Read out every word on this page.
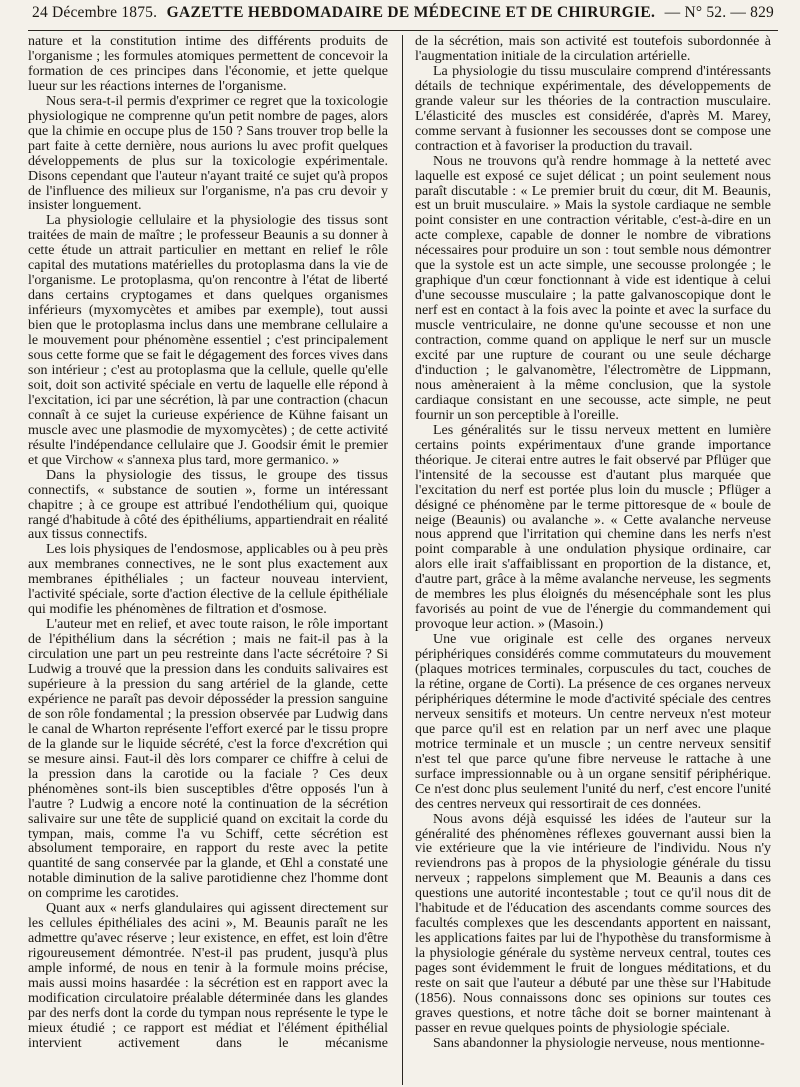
24 Décembre 1875. GAZETTE HEBDOMADAIRE DE MÉDECINE ET DE CHIRURGIE. — N° 52. — 829

nature et la constitution intime des différents produits de l'organisme ; les formules atomiques permettent de concevoir la formation de ces principes dans l'économie, et jette quelque lueur sur les réactions internes de l'organisme.

Nous sera-t-il permis d'exprimer ce regret que la toxicologie physiologique ne comprenne qu'un petit nombre de pages, alors que la chimie en occupe plus de 150 ? Sans trouver trop belle la part faite à cette dernière, nous aurions lu avec profit quelques développements de plus sur la toxicologie expérimentale. Disons cependant que l'auteur n'ayant traité ce sujet qu'à propos de l'influence des milieux sur l'organisme, n'a pas cru devoir y insister longuement.

La physiologie cellulaire et la physiologie des tissus sont traitées de main de maître ; le professeur Beaunis a su donner à cette étude un attrait particulier en mettant en relief le rôle capital des mutations matérielles du protoplasma dans la vie de l'organisme. Le protoplasma, qu'on rencontre à l'état de liberté dans certains cryptogames et dans quelques organismes inférieurs (myxomycètes et amibes par exemple), tout aussi bien que le protoplasma inclus dans une membrane cellulaire a le mouvement pour phénomène essentiel ; c'est principalement sous cette forme que se fait le dégagement des forces vives dans son intérieur ; c'est au protoplasma que la cellule, quelle qu'elle soit, doit son activité spéciale en vertu de laquelle elle répond à l'excitation, ici par une sécrétion, là par une contraction (chacun connaît à ce sujet la curieuse expérience de Kühne faisant un muscle avec une plasmodie de myxomycètes) ; de cette activité résulte l'indépendance cellulaire que J. Goodsir émit le premier et que Virchow « s'annexa plus tard, more germanico. »

Dans la physiologie des tissus, le groupe des tissus connectifs, « substance de soutien », forme un intéressant chapitre ; à ce groupe est attribué l'endothélium qui, quoique rangé d'habitude à côté des épithéliums, appartiendrait en réalité aux tissus connectifs.

Les lois physiques de l'endosmose, applicables ou à peu près aux membranes connectives, ne le sont plus exactement aux membranes épithéliales ; un facteur nouveau intervient, l'activité spéciale, sorte d'action élective de la cellule épithéliale qui modifie les phénomènes de filtration et d'osmose.

L'auteur met en relief, et avec toute raison, le rôle important de l'épithélium dans la sécrétion ; mais ne fait-il pas à la circulation une part un peu restreinte dans l'acte sécrétoire ? Si Ludwig a trouvé que la pression dans les conduits salivaires est supérieure à la pression du sang artériel de la glande, cette expérience ne paraît pas devoir déposséder la pression sanguine de son rôle fondamental ; la pression observée par Ludwig dans le canal de Wharton représente l'effort exercé par le tissu propre de la glande sur le liquide sécrété, c'est la force d'excrétion qui se mesure ainsi. Faut-il dès lors comparer ce chiffre à celui de la pression dans la carotide ou la faciale ? Ces deux phénomènes sont-ils bien susceptibles d'être opposés l'un à l'autre ? Ludwig a encore noté la continuation de la sécrétion salivaire sur une tête de supplicié quand on excitait la corde du tympan, mais, comme l'a vu Schiff, cette sécrétion est absolument temporaire, en rapport du reste avec la petite quantité de sang conservée par la glande, et Œhl a constaté une notable diminution de la salive parotidienne chez l'homme dont on comprime les carotides.

Quant aux « nerfs glandulaires qui agissent directement sur les cellules épithéliales des acini », M. Beaunis paraît ne les admettre qu'avec réserve ; leur existence, en effet, est loin d'être rigoureusement démontrée. N'est-il pas prudent, jusqu'à plus ample informé, de nous en tenir à la formule moins précise, mais aussi moins hasardée : la sécrétion est en rapport avec la modification circulatoire préalable déterminée dans les glandes par des nerfs dont la corde du tympan nous représente le type le mieux étudié ; ce rapport est médiat et l'élément épithélial intervient activement dans le mécanisme

de la sécrétion, mais son activité est toutefois subordonnée à l'augmentation initiale de la circulation artérielle.

La physiologie du tissu musculaire comprend d'intéressants détails de technique expérimentale, des développements de grande valeur sur les théories de la contraction musculaire. L'élasticité des muscles est considérée, d'après M. Marey, comme servant à fusionner les secousses dont se compose une contraction et à favoriser la production du travail.

Nous ne trouvons qu'à rendre hommage à la netteté avec laquelle est exposé ce sujet délicat ; un point seulement nous paraît discutable : « Le premier bruit du cœur, dit M. Beaunis, est un bruit musculaire. » Mais la systole cardiaque ne semble point consister en une contraction véritable, c'est-à-dire en un acte complexe, capable de donner le nombre de vibrations nécessaires pour produire un son : tout semble nous démontrer que la systole est un acte simple, une secousse prolongée ; le graphique d'un cœur fonctionnant à vide est identique à celui d'une secousse musculaire ; la patte galvanoscopique dont le nerf est en contact à la fois avec la pointe et avec la surface du muscle ventriculaire, ne donne qu'une secousse et non une contraction, comme quand on applique le nerf sur un muscle excité par une rupture de courant ou une seule décharge d'induction ; le galvanomètre, l'électromètre de Lippmann, nous amèneraient à la même conclusion, que la systole cardiaque consistant en une secousse, acte simple, ne peut fournir un son perceptible à l'oreille.

Les généralités sur le tissu nerveux mettent en lumière certains points expérimentaux d'une grande importance théorique. Je citerai entre autres le fait observé par Pflüger que l'intensité de la secousse est d'autant plus marquée que l'excitation du nerf est portée plus loin du muscle ; Pflüger a désigné ce phénomène par le terme pittoresque de « boule de neige (Beaunis) ou avalanche ». « Cette avalanche nerveuse nous apprend que l'irritation qui chemine dans les nerfs n'est point comparable à une ondulation physique ordinaire, car alors elle irait s'affaiblissant en proportion de la distance, et, d'autre part, grâce à la même avalanche nerveuse, les segments de membres les plus éloignés du mésencéphale sont les plus favorisés au point de vue de l'énergie du commandement qui provoque leur action. » (Masoin.)

Une vue originale est celle des organes nerveux périphériques considérés comme commutateurs du mouvement (plaques motrices terminales, corpuscules du tact, couches de la rétine, organe de Corti). La présence de ces organes nerveux périphériques détermine le mode d'activité spéciale des centres nerveux sensitifs et moteurs. Un centre nerveux n'est moteur que parce qu'il est en relation par un nerf avec une plaque motrice terminale et un muscle ; un centre nerveux sensitif n'est tel que parce qu'une fibre nerveuse le rattache à une surface impressionnable ou à un organe sensitif périphérique. Ce n'est donc plus seulement l'unité du nerf, c'est encore l'unité des centres nerveux qui ressortirait de ces données.

Nous avons déjà esquissé les idées de l'auteur sur la généralité des phénomènes réflexes gouvernant aussi bien la vie extérieure que la vie intérieure de l'individu. Nous n'y reviendrons pas à propos de la physiologie générale du tissu nerveux ; rappelons simplement que M. Beaunis a dans ces questions une autorité incontestable ; tout ce qu'il nous dit de l'habitude et de l'éducation des ascendants comme sources des facultés complexes que les descendants apportent en naissant, les applications faites par lui de l'hypothèse du transformisme à la physiologie générale du système nerveux central, toutes ces pages sont évidemment le fruit de longues méditations, et du reste on sait que l'auteur a débuté par une thèse sur l'Habitude (1856). Nous connaissons donc ses opinions sur toutes ces graves questions, et notre tâche doit se borner maintenant à passer en revue quelques points de physiologie spéciale.

Sans abandonner la physiologie nerveuse, nous mentionne-
